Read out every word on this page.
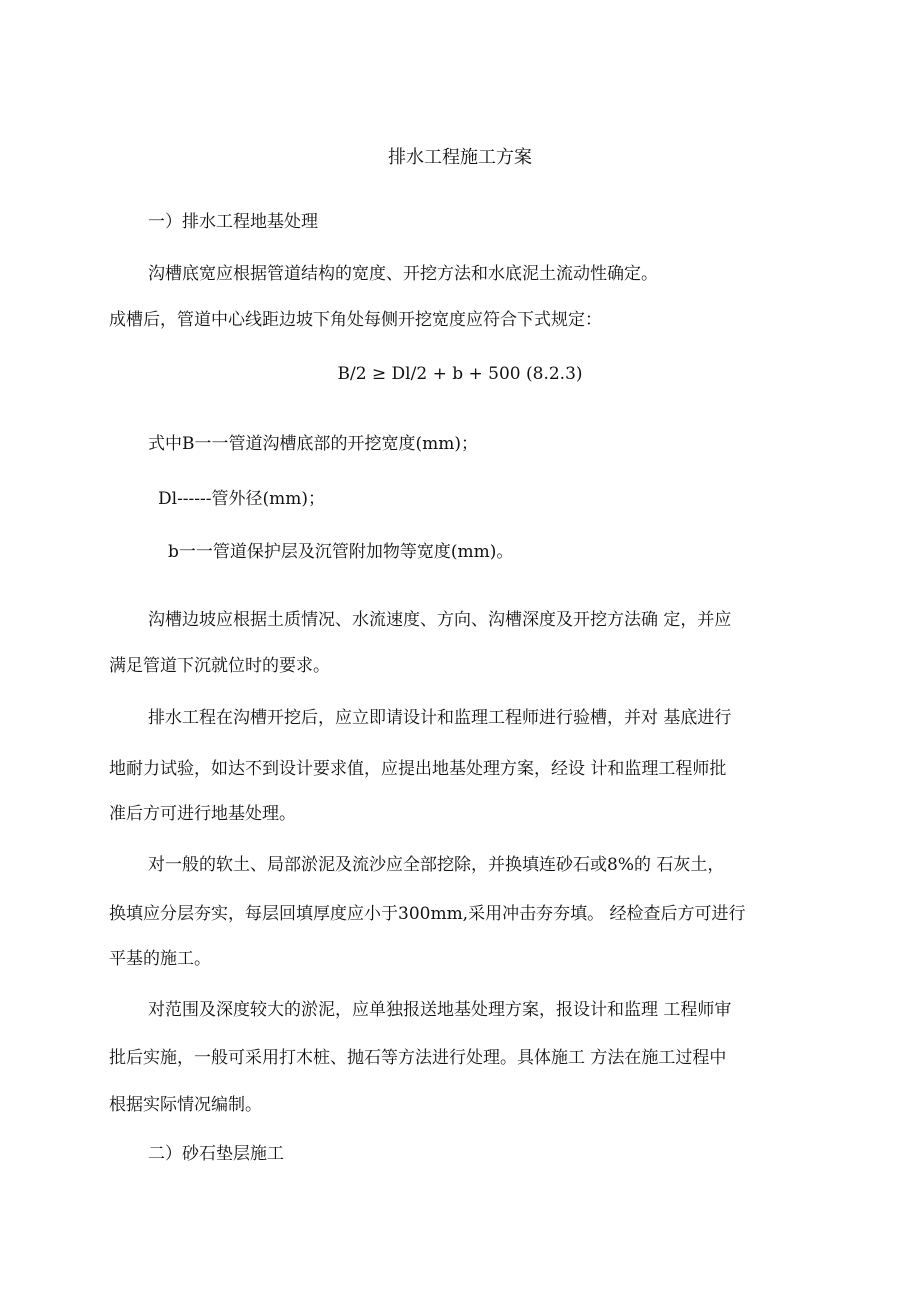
排水工程施工方案
一）排水工程地基处理
沟槽底宽应根据管道结构的宽度、开挖方法和水底泥土流动性确定。
成槽后，管道中心线距边坡下角处每侧开挖宽度应符合下式规定：
B/2 ≥ Dl/2 + b + 500 (8.2.3)
式中B一一管道沟槽底部的开挖宽度(mm)；
Dl------管外径(mm)；
b一一管道保护层及沉管附加物等宽度(mm)。
沟槽边坡应根据土质情况、水流速度、方向、沟槽深度及开挖方法确 定，并应
满足管道下沉就位时的要求。
排水工程在沟槽开挖后，应立即请设计和监理工程师进行验槽，并对 基底进行
地耐力试验，如达不到设计要求值，应提出地基处理方案，经设 计和监理工程师批
准后方可进行地基处理。
对一般的软土、局部淤泥及流沙应全部挖除，并换填连砂石或8%的 石灰土，
换填应分层夯实，每层回填厚度应小于300mm,采用冲击夯夯填。 经检查后方可进行
平基的施工。
对范围及深度较大的淤泥，应单独报送地基处理方案，报设计和监理 工程师审
批后实施，一般可采用打木桩、抛石等方法进行处理。具体施工 方法在施工过程中
根据实际情况编制。
二）砂石垫层施工
